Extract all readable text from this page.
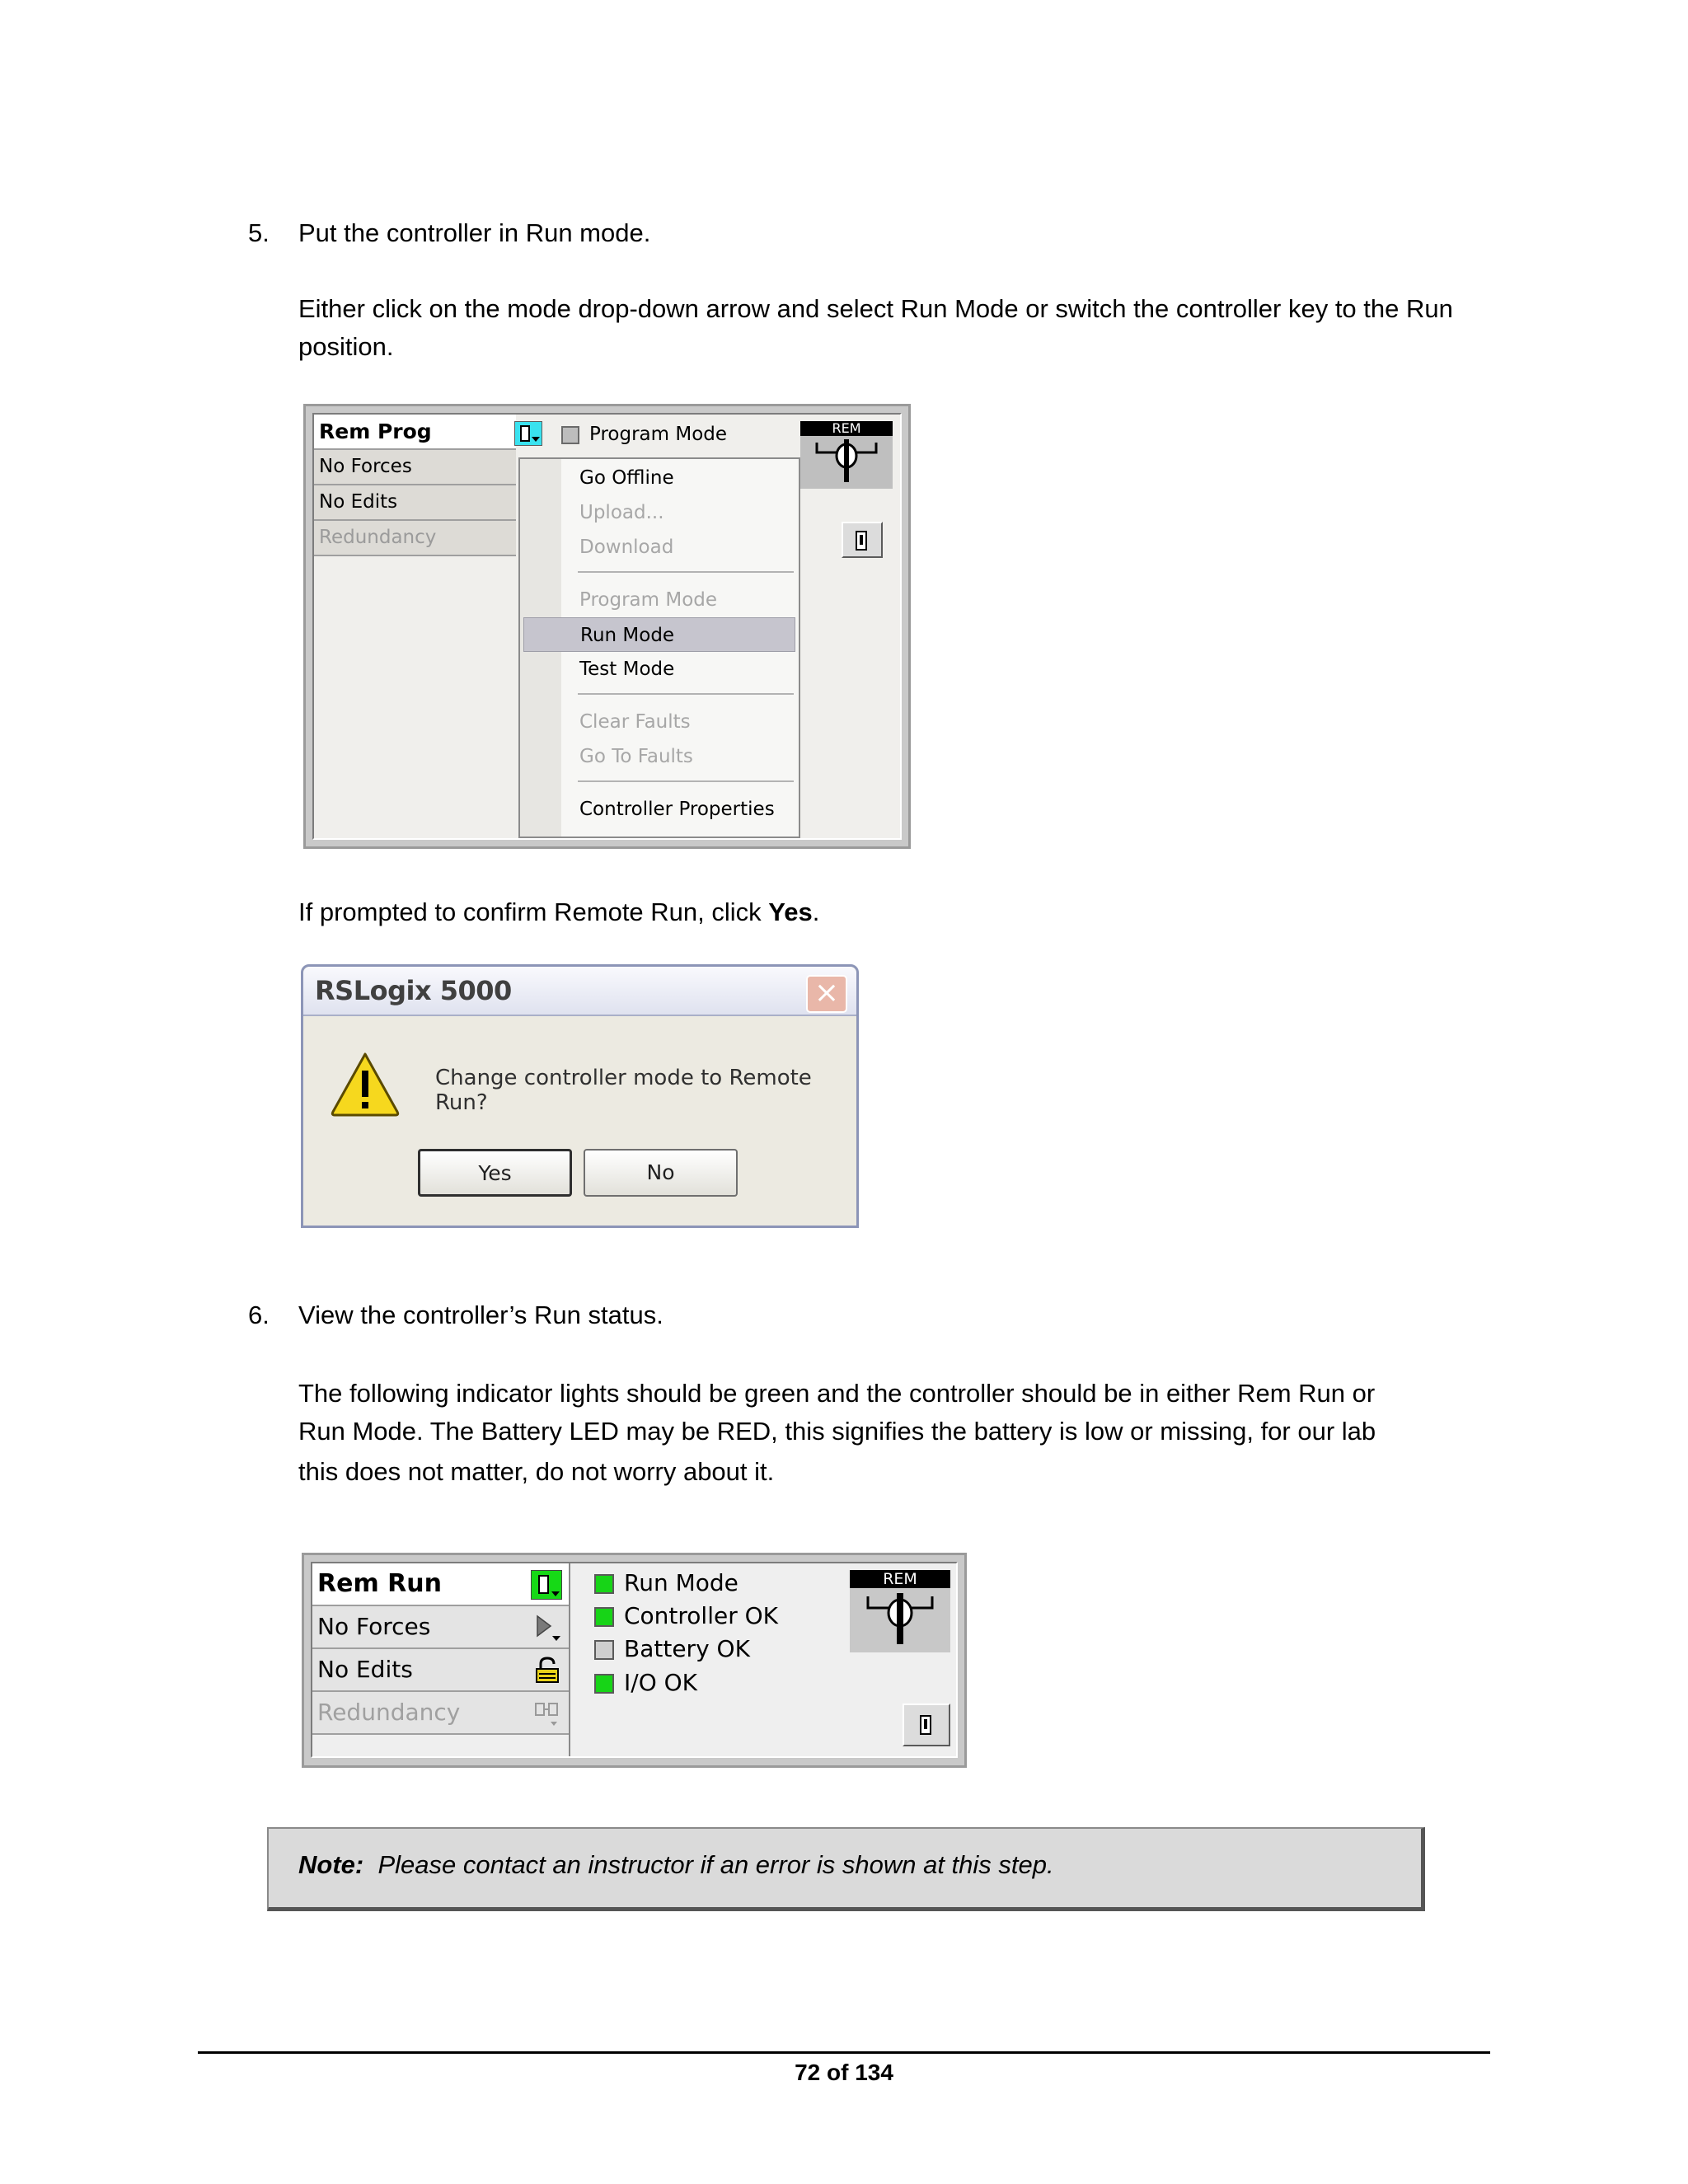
5. Put the controller in Run mode.
Either click on the mode drop-down arrow and select Run Mode or switch the controller key to the Run position.
Rem Prog
No Forces
No Edits
Redundancy
Program Mode	REM
Go Offline
Upload...
Download
Program Mode
Run Mode
Test Mode
Clear Faults
Go To Faults
Controller Properties
If prompted to confirm Remote Run, click Yes.
RSLogix 5000	×
Change controller mode to Remote Run?
Yes	No
6. View the controller’s Run status.
The following indicator lights should be green and the controller should be in either Rem Run or
Run Mode. The Battery LED may be RED, this signifies the battery is low or missing, for our lab
this does not matter, do not worry about it.
Rem Run
No Forces
No Edits
Redundancy
Run Mode
Controller OK
Battery OK
I/O OK
REM
Note: Please contact an instructor if an error is shown at this step.
72 of 134
